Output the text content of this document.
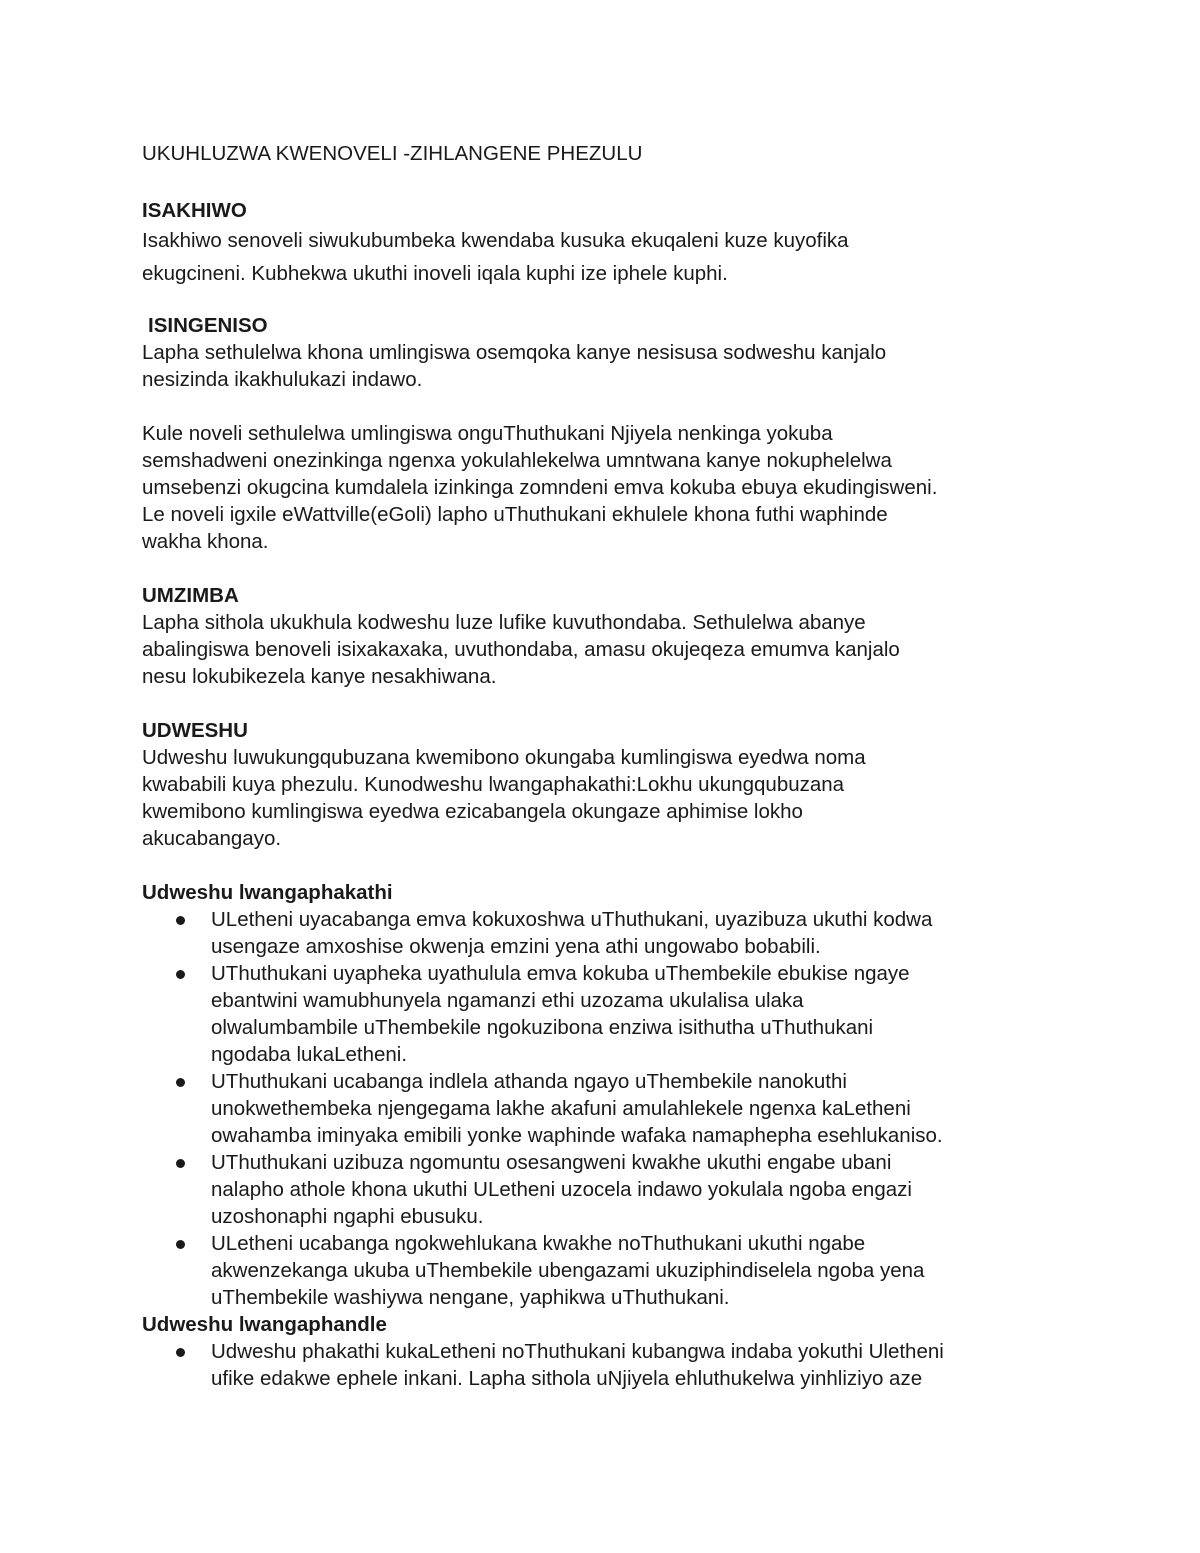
UKUHLUZWA KWENOVELI -ZIHLANGENE PHEZULU
ISAKHIWO

Isakhiwo senoveli siwukubumbeka kwendaba kusuka ekuqaleni kuze kuyofika
ekugcineni. Kubhekwa ukuthi inoveli iqala kuphi ize iphele kuphi.

ISINGENISO

Lapha sethulelwa khona umlingiswa osemqoka kanye nesisusa sodweshu kanjalo
nesizinda ikakhulukazi indawo.

Kule noveli sethulelwa umlingiswa onguThuthukani Njiyela nenkinga yokuba
semshadweni onezinkinga ngenxa yokulahlekelwa umntwana kanye nokuphelelwa
umsebenzi okugcina kumdalela izinkinga zomndeni emva kokuba ebuya ekudingisweni.
Le noveli igxile eWattville(eGoli) lapho uThuthukani ekhulele khona futhi waphinde
wakha khona.

UMZIMBA

Lapha sithola ukukhula kodweshu luze lufike kuvuthondaba. Sethulelwa abanye
abalingiswa benoveli isixakaxaka, uvuthondaba, amasu okujeqeza emumva kanjalo
nesu lokubikezela kanye nesakhiwana.

UDWESHU

Udweshu luwukungqubuzana kwemibono okungaba kumlingiswa eyedwa noma
kwababili kuya phezulu. Kunodweshu lwangaphakathi:Lokhu ukungqubuzana
kwemibono kumlingiswa eyedwa ezicabangela okungaze aphimise lokho
akucabangayo.

Udweshu lwangaphakathi
ULetheni uyacabanga emva kokuxoshwa uThuthukani, uyazibuza ukuthi kodwa
usengaze amxoshise okwenja emzini yena athi ungowabo bobabili.
UThuthukani uyapheka uyathulula emva kokuba uThembekile ebukise ngaye
ebantwini wamubhunyela ngamanzi ethi uzozama ukulalisa ulaka
olwalumbambile uThembekile ngokuzibona enziwa isithutha uThuthukani
ngodaba lukaLetheni.
UThuthukani ucabanga indlela athanda ngayo uThembekile nanokuthi
unokwethembeka njengegama lakhe akafuni amulahlekele ngenxa kaLetheni
owahamba iminyaka emibili yonke waphinde wafaka namaphepha esehlukaniso.
UThuthukani uzibuza ngomuntu osesangweni kwakhe ukuthi engabe ubani
nalapho athole khona ukuthi ULetheni uzocela indawo yokulala ngoba engazi
uzoshonaphi ngaphi ebusuku.
ULetheni ucabanga ngokwehlukana kwakhe noThuthukani ukuthi ngabe
akwenzekanga ukuba uThembekile ubengazami ukuziphindiselela ngoba yena
uThembekile washiywa nengane, yaphikwa uThuthukani.
Udweshu lwangaphandle
Udweshu phakathi kukaLetheni noThuthukani kubangwa indaba yokuthi Uletheni
ufike edakwe ephele inkani. Lapha sithola uNjiyela ehluthukelwa yinhliziyo aze
